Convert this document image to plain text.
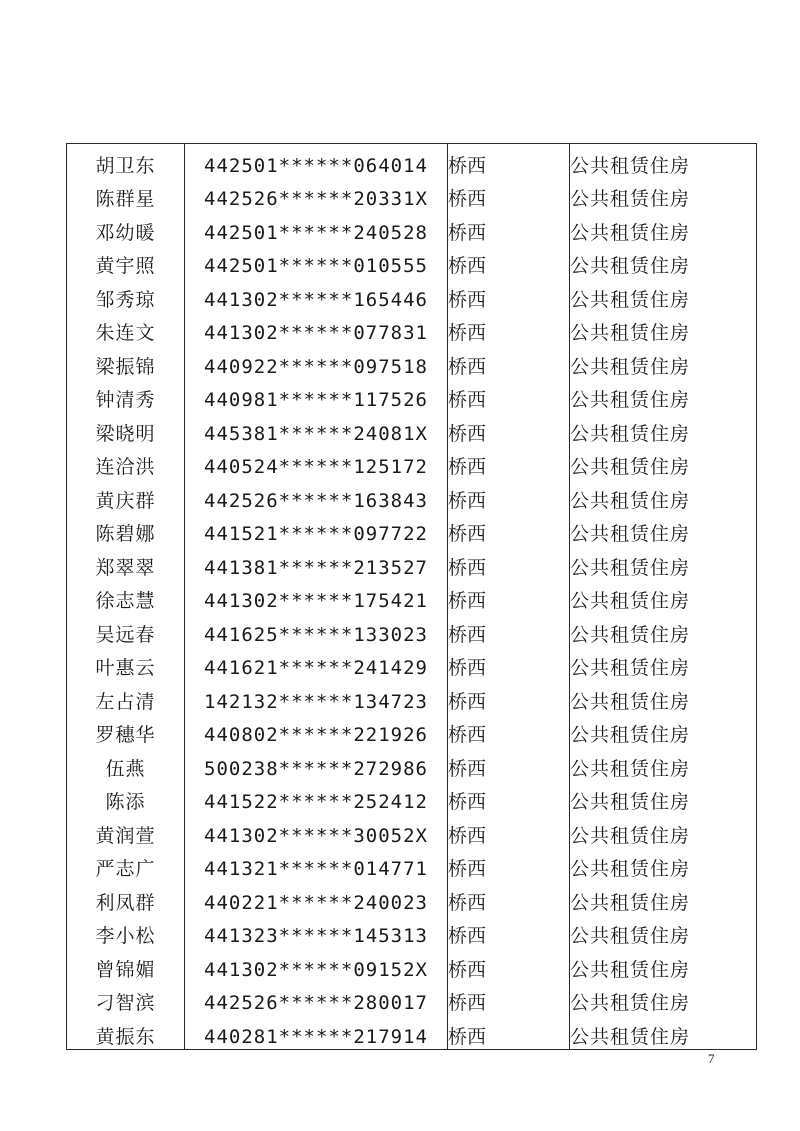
胡卫东	442501******064014	桥西	公共租赁住房
陈群星	442526******20331X	桥西	公共租赁住房
邓幼暖	442501******240528	桥西	公共租赁住房
黄宇照	442501******010555	桥西	公共租赁住房
邹秀琼	441302******165446	桥西	公共租赁住房
朱连文	441302******077831	桥西	公共租赁住房
梁振锦	440922******097518	桥西	公共租赁住房
钟清秀	440981******117526	桥西	公共租赁住房
梁晓明	445381******24081X	桥西	公共租赁住房
连洽洪	440524******125172	桥西	公共租赁住房
黄庆群	442526******163843	桥西	公共租赁住房
陈碧娜	441521******097722	桥西	公共租赁住房
郑翠翠	441381******213527	桥西	公共租赁住房
徐志慧	441302******175421	桥西	公共租赁住房
吴远春	441625******133023	桥西	公共租赁住房
叶惠云	441621******241429	桥西	公共租赁住房
左占清	142132******134723	桥西	公共租赁住房
罗穗华	440802******221926	桥西	公共租赁住房
伍燕	500238******272986	桥西	公共租赁住房
陈添	441522******252412	桥西	公共租赁住房
黄润萱	441302******30052X	桥西	公共租赁住房
严志广	441321******014771	桥西	公共租赁住房
利凤群	440221******240023	桥西	公共租赁住房
李小松	441323******145313	桥西	公共租赁住房
曾锦媚	441302******09152X	桥西	公共租赁住房
刁智滨	442526******280017	桥西	公共租赁住房
黄振东	440281******217914	桥西	公共租赁住房
7
